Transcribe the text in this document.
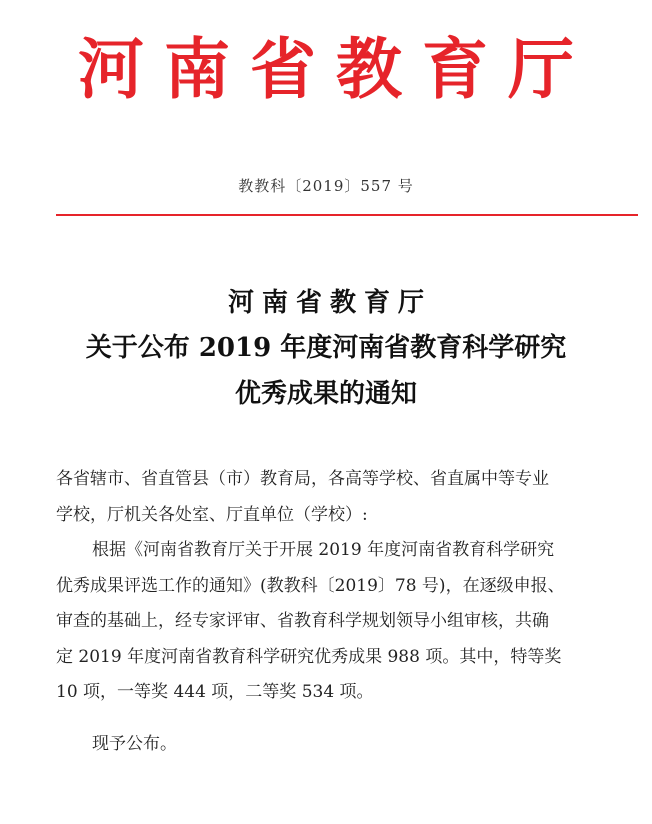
河南省教育厅
教教科〔2019〕557 号
河南省教育厅
关于公布 2019 年度河南省教育科学研究
优秀成果的通知
各省辖市、省直管县（市）教育局，各高等学校、省直属中等专业
学校，厅机关各处室、厅直单位（学校）:
根据《河南省教育厅关于开展 2019 年度河南省教育科学研究
优秀成果评选工作的通知》(教教科〔2019〕78 号)，在逐级申报、
审查的基础上，经专家评审、省教育科学规划领导小组审核，共确
定 2019 年度河南省教育科学研究优秀成果 988 项。其中，特等奖
10 项，一等奖 444 项，二等奖 534 项。
现予公布。
